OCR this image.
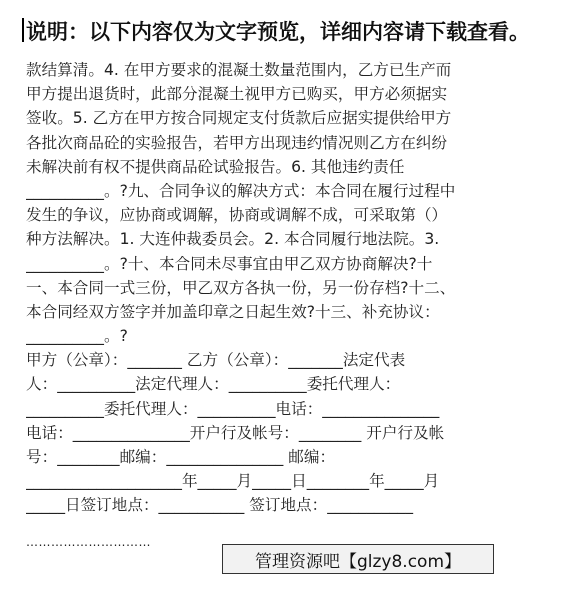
说明：以下内容仅为文字预览，详细内容请下载查看。
款结算清。4. 在甲方要求的混凝土数量范围内，乙方已生产而
甲方提出退货时，此部分混凝土视甲方已购买，甲方必须据实
签收。5. 乙方在甲方按合同规定支付货款后应据实提供给甲方
各批次商品砼的实验报告，若甲方出现违约情况则乙方在纠纷
未解决前有权不提供商品砼试验报告。6. 其他违约责任
__________。?九、合同争议的解决方式：本合同在履行过程中
发生的争议，应协商或调解，协商或调解不成，可采取第（）
种方法解决。1. 大连仲裁委员会。2. 本合同履行地法院。3.
__________。?十、本合同未尽事宜由甲乙双方协商解决?十
一、本合同一式三份，甲乙双方各执一份，另一份存档?十二、
本合同经双方签字并加盖印章之日起生效?十三、补充协议：
__________。?
甲方（公章）：_______ 乙方（公章）：_______法定代表
人：__________法定代理人：__________委托代理人：
__________委托代理人：__________电话：_______________
电话：_______________开户行及帐号：________ 开户行及帐
号：________邮编：_______________ 邮编：
____________________年_____月_____日________年_____月
_____日签订地点：___________ 签订地点：___________
…………………………
管理资源吧【glzy8.com】
